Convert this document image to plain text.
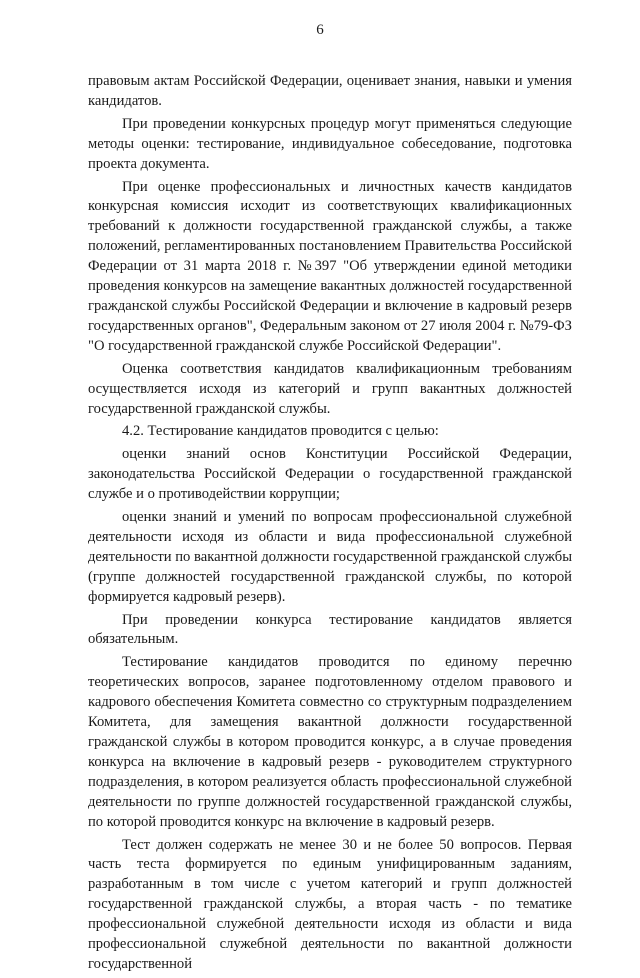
6

правовым актам Российской Федерации, оценивает знания, навыки и умения кандидатов.

При проведении конкурсных процедур могут применяться следующие методы оценки: тестирование, индивидуальное собеседование, подготовка проекта документа.

При оценке профессиональных и личностных качеств кандидатов конкурсная комиссия исходит из соответствующих квалификационных требований к должности государственной гражданской службы, а также положений, регламентированных постановлением Правительства Российской Федерации от 31 марта 2018 г. №397 "Об утверждении единой методики проведения конкурсов на замещение вакантных должностей государственной гражданской службы Российской Федерации и включение в кадровый резерв государственных органов", Федеральным законом от 27 июля 2004 г. №79-ФЗ "О государственной гражданской службе Российской Федерации".

Оценка соответствия кандидатов квалификационным требованиям осуществляется исходя из категорий и групп вакантных должностей государственной гражданской службы.

4.2. Тестирование кандидатов проводится с целью:

оценки знаний основ Конституции Российской Федерации, законодательства Российской Федерации о государственной гражданской службе и о противодействии коррупции;

оценки знаний и умений по вопросам профессиональной служебной деятельности исходя из области и вида профессиональной служебной деятельности по вакантной должности государственной гражданской службы (группе должностей государственной гражданской службы, по которой формируется кадровый резерв).

При проведении конкурса тестирование кандидатов является обязательным.

Тестирование кандидатов проводится по единому перечню теоретических вопросов, заранее подготовленному отделом правового и кадрового обеспечения Комитета совместно со структурным подразделением Комитета, для замещения вакантной должности государственной гражданской службы в котором проводится конкурс, а в случае проведения конкурса на включение в кадровый резерв - руководителем структурного подразделения, в котором реализуется область профессиональной служебной деятельности по группе должностей государственной гражданской службы, по которой проводится конкурс на включение в кадровый резерв.

Тест должен содержать не менее 30 и не более 50 вопросов. Первая часть теста формируется по единым унифицированным заданиям, разработанным в том числе с учетом категорий и групп должностей государственной гражданской службы, а вторая часть - по тематике профессиональной служебной деятельности исходя из области и вида профессиональной служебной деятельности по вакантной должности государственной
